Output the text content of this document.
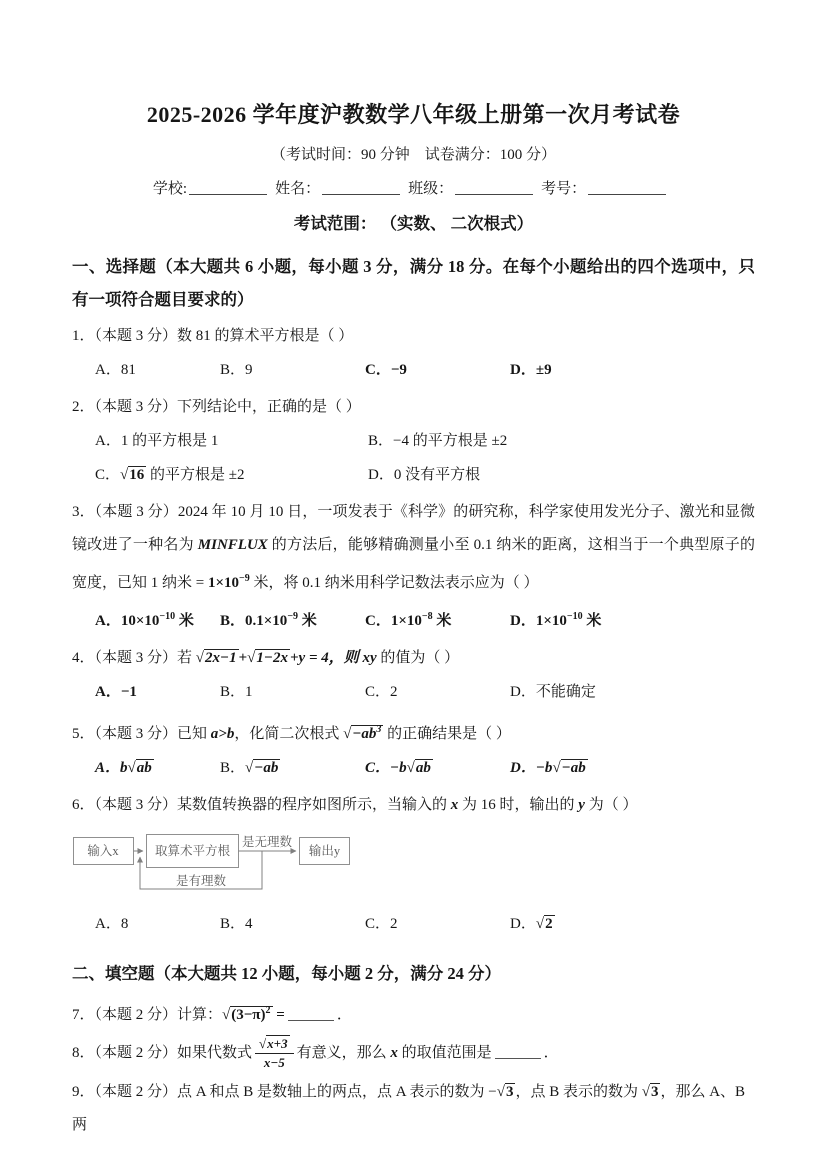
2025-2026 学年度沪教数学八年级上册第一次月考试卷
（考试时间：90 分钟　试卷满分：100 分）
学校:	姓名：	班级：	考号：
考试范围： （实数、 二次根式）
一、选择题（本大题共 6 小题，每小题 3 分，满分 18 分。在每个小题给出的四个选项中，只有一项符合题目要求的）
1．（本题 3 分）数 81 的算术平方根是（ ）
A．81	B．9	C．−9	D．±9
2．（本题 3 分）下列结论中，正确的是（ ）
A．1 的平方根是 1	B．−4 的平方根是 ±2
C．√16 的平方根是 ±2	D．0 没有平方根

3．（本题 3 分）2024 年 10 月 10 日，一项发表于《科学》的研究称，科学家使用发光分子、激光和显微镜改进了一种名为 MINFLUX 的方法后，能够精确测量小至 0.1 纳米的距离，这相当于一个典型原子的宽度，已知 1 纳米 = $1\times 10^{-9}$ 米，将 0.1 纳米用科学记数法表示应为（ ）

A．$10\times 10^{-10}$ 米	B．$0.1\times 10^{-9}$ 米	C．$1\times 10^{-8}$ 米	D．$1\times 10^{-10}$ 米
4．（本题 3 分）若 √2x−1 +√1−2x +y = 4，则 xy 的值为（ ）
A．−1	B．1	C．2	D．不能确定
5．（本题 3 分）已知 a>b，化简二次根式 $√-ab^3$ 的正确结果是（ ）
A．b√ab	B．√−ab	C．−b√ab	D．−b√−ab
6．（本题 3 分）某数值转换器的程序如图所示，当输入的 x 为 16 时，输出的 y 为（ ）
输入x	取算术平方根
是无理数
输出y
是有理数
A．8	B．4	C．2	D．√2
二、填空题（本大题共 12 小题，每小题 2 分，满分 24 分）
7．（本题 2 分）计算：$√(3-\pi)^2$ =	．
8．（本题 2 分）如果代数式 $\frac{√x+3}{x-5}$ 有意义，那么 x 的取值范围是	．
9．（本题 2 分）点 A 和点 B 是数轴上的两点，点 A 表示的数为 −√3 ，点 B 表示的数为 √3 ，那么 A、B 两
